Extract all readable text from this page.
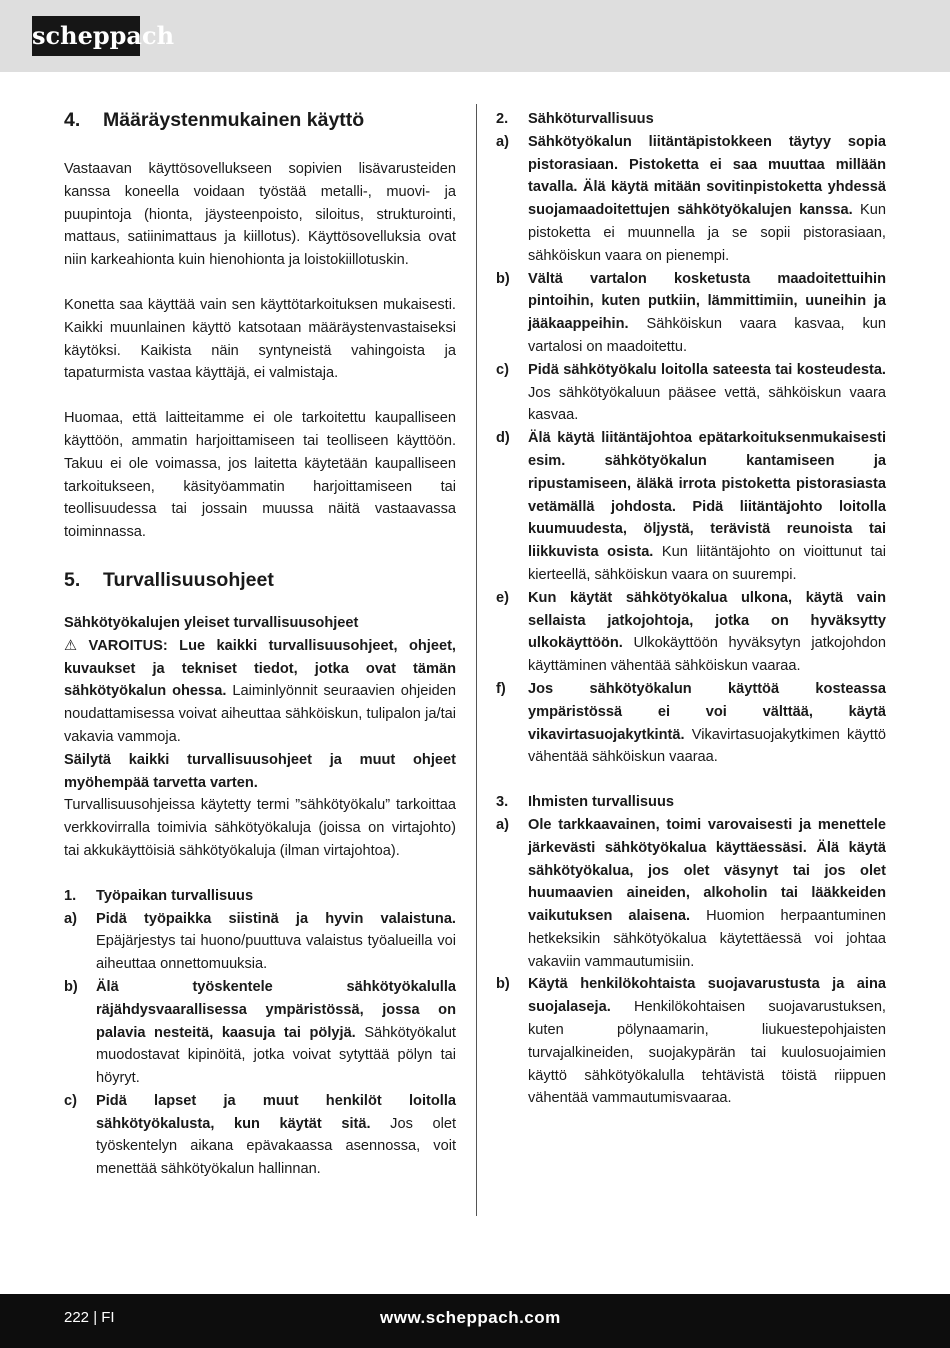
scheppach
4.	Määräystenmukainen käyttö

Vastaavan käyttösovellukseen sopivien lisävarusteiden kanssa koneella voidaan työstää metalli-, muovi- ja puupintoja (hionta, jäysteenpoisto, siloitus, strukturointi, mattaus, satiinimattaus ja kiillotus). Käyttösovelluksia ovat niin karkeahionta kuin hienohionta ja loistokiillotuskin.

Konetta saa käyttää vain sen käyttötarkoituksen mukaisesti. Kaikki muunlainen käyttö katsotaan määräystenvastaiseksi käytöksi. Kaikista näin syntyneistä vahingoista ja tapaturmista vastaa käyttäjä, ei valmistaja.

Huomaa, että laitteitamme ei ole tarkoitettu kaupalliseen käyttöön, ammatin harjoittamiseen tai teolliseen käyttöön. Takuu ei ole voimassa, jos laitetta käytetään kaupalliseen tarkoitukseen, käsityöammatin harjoittamiseen tai teollisuudessa tai jossain muussa näitä vastaavassa toiminnassa.

5.	Turvallisuusohjeet

Sähkötyökalujen yleiset turvallisuusohjeet

⚠ VAROITUS: Lue kaikki turvallisuusohjeet, ohjeet, kuvaukset ja tekniset tiedot, jotka ovat tämän sähkötyökalun ohessa. Laiminlyönnit seuraavien ohjeiden noudattamisessa voivat aiheuttaa sähköiskun, tulipalon ja/tai vakavia vammoja.

Säilytä kaikki turvallisuusohjeet ja muut ohjeet myöhempää tarvetta varten.

Turvallisuusohjeissa käytetty termi ”sähkötyökalu” tarkoittaa verkkovirralla toimivia sähkötyökaluja (joissa on virtajohto) tai akkukäyttöisiä sähkötyökaluja (ilman virtajohtoa).

1.	Työpaikan turvallisuus
a)	Pidä työpaikka siistinä ja hyvin valaistuna. Epäjärjestys tai huono/puuttuva valaistus työalueilla voi aiheuttaa onnettomuuksia.

b)	Älä työskentele sähkötyökalulla räjähdysvaarallisessa ympäristössä, jossa on palavia nesteitä, kaasuja tai pölyjä. Sähkötyökalut muodostavat kipinöitä, jotka voivat sytyttää pölyn tai höyryt.

c)	Pidä lapset ja muut henkilöt loitolla sähkötyökalusta, kun käytät sitä. Jos olet työskentelyn aikana epävakaassa asennossa, voit menettää sähkötyökalun hallinnan.

2.	Sähköturvallisuus
a)	Sähkötyökalun liitäntäpistokkeen täytyy sopia pistorasiaan. Pistoketta ei saa muuttaa millään tavalla. Älä käytä mitään sovitinpistoketta yhdessä suojamaadoitettujen sähkötyökalujen kanssa. Kun pistoketta ei muunnella ja se sopii pistorasiaan, sähköiskun vaara on pienempi.

b)	Vältä vartalon kosketusta maadoitettuihin pintoihin, kuten putkiin, lämmittimiin, uuneihin ja jääkaappeihin. Sähköiskun vaara kasvaa, kun vartalosi on maadoitettu.

c)	Pidä sähkötyökalu loitolla sateesta tai kosteudesta. Jos sähkötyökaluun pääsee vettä, sähköiskun vaara kasvaa.

d)	Älä käytä liitäntäjohtoa epätarkoituksenmukaisesti esim. sähkötyökalun kantamiseen ja ripustamiseen, äläkä irrota pistoketta pistorasiasta vetämällä johdosta. Pidä liitäntäjohto loitolla kuumuudesta, öljystä, terävistä reunoista tai liikkuvista osista. Kun liitäntäjohto on vioittunut tai kierteellä, sähköiskun vaara on suurempi.

e)	Kun käytät sähkötyökalua ulkona, käytä vain sellaista jatkojohtoja, jotka on hyväksytty ulkokäyttöön. Ulkokäyttöön hyväksytyn jatkojohdon käyttäminen vähentää sähköiskun vaaraa.

f)	Jos sähkötyökalun käyttöä kosteassa ympäristössä ei voi välttää, käytä vikavirtasuojakytkintä. Vikavirtasuojakytkimen käyttö vähentää sähköiskun vaaraa.

3.	Ihmisten turvallisuus
a)	Ole tarkkaavainen, toimi varovaisesti ja menettele järkevästi sähkötyökalua käyttäessäsi. Älä käytä sähkötyökalua, jos olet väsynyt tai jos olet huumaavien aineiden, alkoholin tai lääkkeiden vaikutuksen alaisena. Huomion herpaantuminen hetkeksikin sähkötyökalua käytettäessä voi johtaa vakaviin vammautumisiin.

b)	Käytä henkilökohtaista suojavarustusta ja aina suojalaseja. Henkilökohtaisen suojavarustuksen, kuten pölynaamarin, liukuestepohjaisten turvajalkineiden, suojakypärän tai kuulosuojaimien käyttö sähkötyökalulla tehtävistä töistä riippuen vähentää vammautumisvaaraa.

222 | FI	www.scheppach.com
